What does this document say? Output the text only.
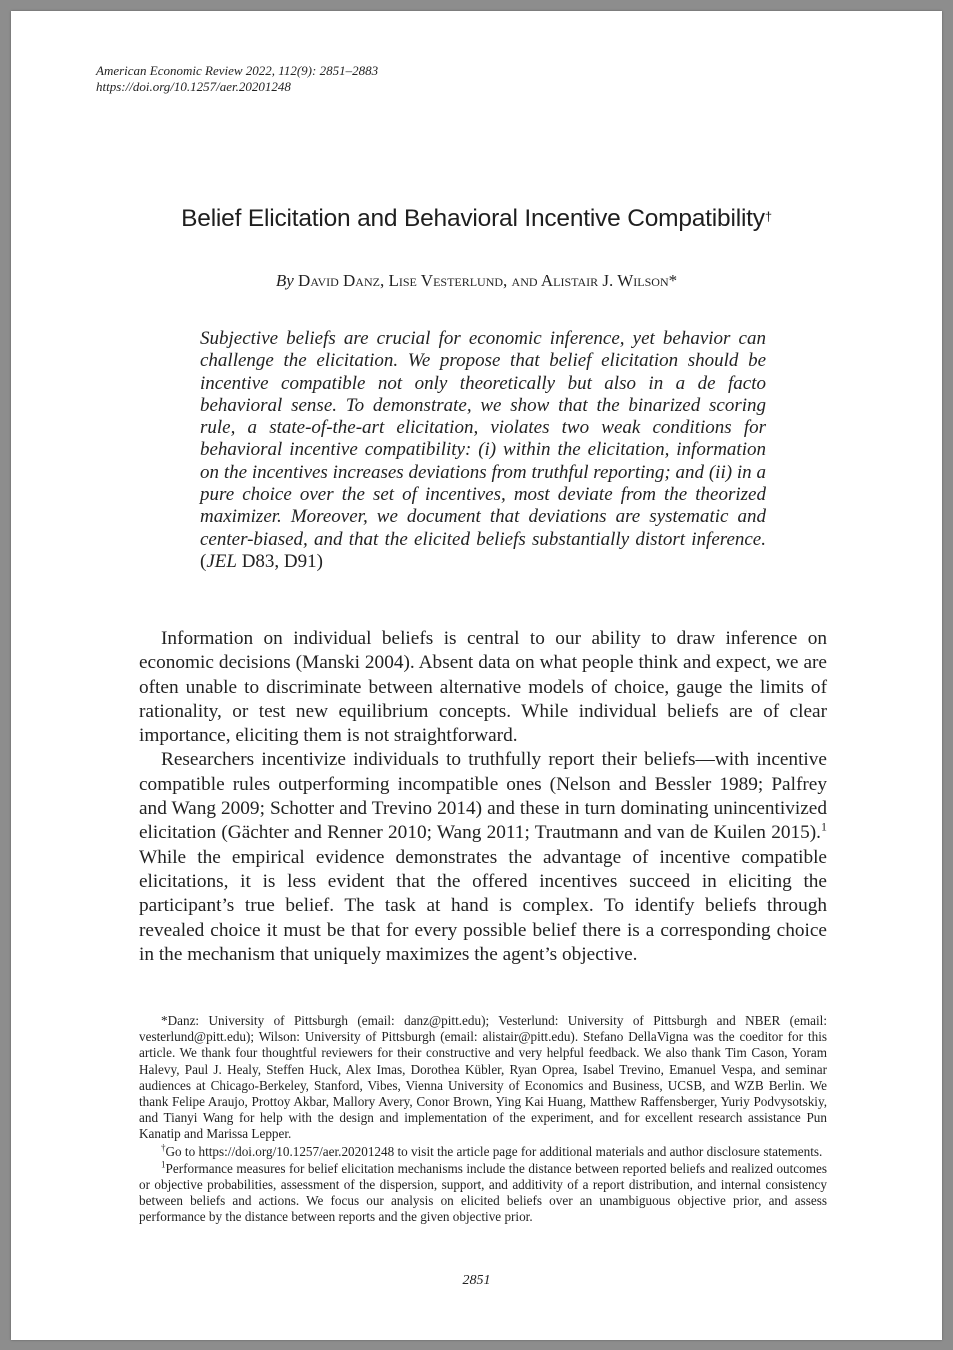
American Economic Review 2022, 112(9): 2851–2883
https://doi.org/10.1257/aer.20201248
Belief Elicitation and Behavioral Incentive Compatibility†
By David Danz, Lise Vesterlund, and Alistair J. Wilson*
Subjective beliefs are crucial for economic inference, yet behavior can challenge the elicitation. We propose that belief elicitation should be incentive compatible not only theoretically but also in a de facto behavioral sense. To demonstrate, we show that the binarized scoring rule, a state-of-the-art elicitation, violates two weak conditions for behavioral incentive compatibility: (i) within the elicitation, information on the incentives increases deviations from truthful reporting; and (ii) in a pure choice over the set of incentives, most deviate from the theorized maximizer. Moreover, we document that deviations are systematic and center-biased, and that the elicited beliefs substantially distort inference. (JEL D83, D91)

Information on individual beliefs is central to our ability to draw inference on economic decisions (Manski 2004). Absent data on what people think and expect, we are often unable to discriminate between alternative models of choice, gauge the limits of rationality, or test new equilibrium concepts. While individual beliefs are of clear importance, eliciting them is not straightforward.

Researchers incentivize individuals to truthfully report their beliefs—with incentive compatible rules outperforming incompatible ones (Nelson and Bessler 1989; Palfrey and Wang 2009; Schotter and Trevino 2014) and these in turn dominating unincentivized elicitation (Gächter and Renner 2010; Wang 2011; Trautmann and van de Kuilen 2015).$^1$ While the empirical evidence demonstrates the advantage of incentive compatible elicitations, it is less evident that the offered incentives succeed in eliciting the participant’s true belief. The task at hand is complex. To identify beliefs through revealed choice it must be that for every possible belief there is a corresponding choice in the mechanism that uniquely maximizes the agent’s objective.

*Danz: University of Pittsburgh (email: danz@pitt.edu); Vesterlund: University of Pittsburgh and NBER (email: vesterlund@pitt.edu); Wilson: University of Pittsburgh (email: alistair@pitt.edu). Stefano DellaVigna was the coeditor for this article. We thank four thoughtful reviewers for their constructive and very helpful feedback. We also thank Tim Cason, Yoram Halevy, Paul J. Healy, Steffen Huck, Alex Imas, Dorothea Kübler, Ryan Oprea, Isabel Trevino, Emanuel Vespa, and seminar audiences at Chicago-Berkeley, Stanford, Vibes, Vienna University of Economics and Business, UCSB, and WZB Berlin. We thank Felipe Araujo, Prottoy Akbar, Mallory Avery, Conor Brown, Ying Kai Huang, Matthew Raffensberger, Yuriy Podvysotskiy, and Tianyi Wang for help with the design and implementation of the experiment, and for excellent research assistance Pun Kanatip and Marissa Lepper.

†Go to https://doi.org/10.1257/aer.20201248 to visit the article page for additional materials and author disclosure statements.

$^1$Performance measures for belief elicitation mechanisms include the distance between reported beliefs and realized outcomes or objective probabilities, assessment of the dispersion, support, and additivity of a report distribution, and internal consistency between beliefs and actions. We focus our analysis on elicited beliefs over an unambiguous objective prior, and assess performance by the distance between reports and the given objective prior.

2851
